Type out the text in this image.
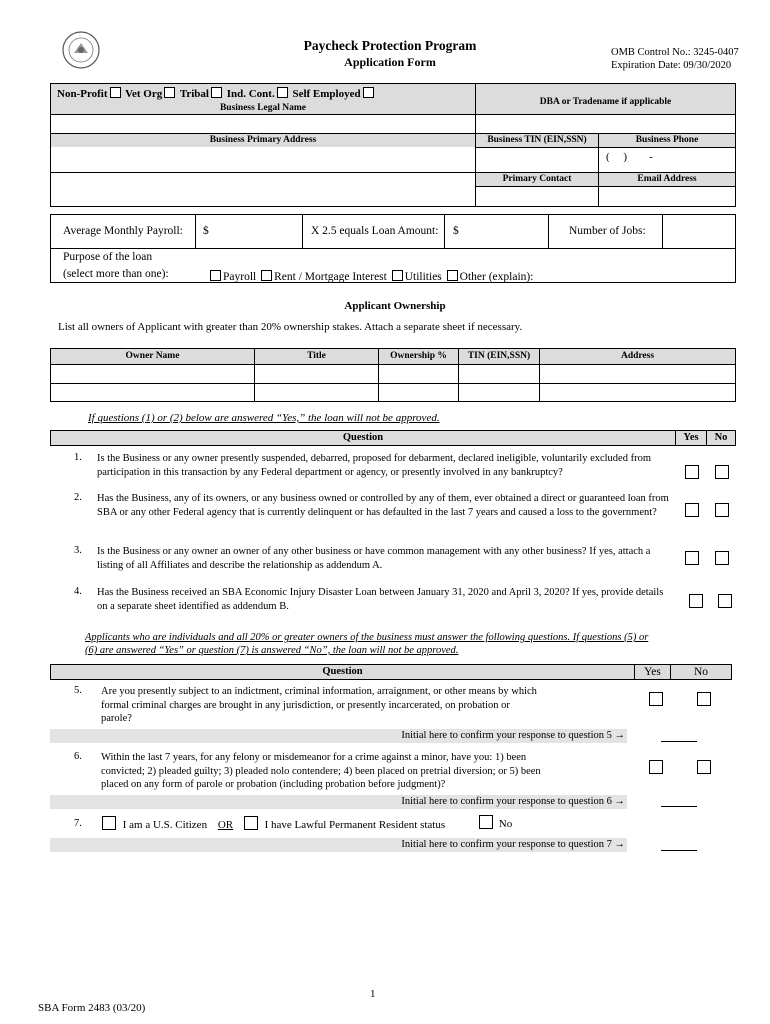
Paycheck Protection Program
Application Form
OMB Control No.: 3245-0407
Expiration Date: 09/30/2020
Non-Profit Vet Org Tribal Ind. Cont. Self Employed
Business Legal Name
DBA or Tradename if applicable
Business Primary Address	Business TIN (EIN,SSN)	Business Phone
(     )        -
Primary Contact	Email Address
Average Monthly Payroll: $	X 2.5 equals Loan Amount: $	Number of Jobs:
Purpose of the loan
(select more than one):	Payroll Rent / Mortgage Interest Utilities Other (explain):
Applicant Ownership
List all owners of Applicant with greater than 20% ownership stakes. Attach a separate sheet if necessary.
Owner Name	Title	Ownership %	TIN (EIN,SSN)	Address
If questions (1) or (2) below are answered “Yes,” the loan will not be approved.
Question	Yes	No
1. Is the Business or any owner presently suspended, debarred, proposed for debarment, declared ineligible, voluntarily excluded from participation in this transaction by any Federal department or agency, or presently involved in any bankruptcy?
2. Has the Business, any of its owners, or any business owned or controlled by any of them, ever obtained a direct or guaranteed loan from SBA or any other Federal agency that is currently delinquent or has defaulted in the last 7 years and caused a loss to the government?
3. Is the Business or any owner an owner of any other business or have common management with any other business? If yes, attach a listing of all Affiliates and describe the relationship as addendum A.
4. Has the Business received an SBA Economic Injury Disaster Loan between January 31, 2020 and April 3, 2020? If yes, provide details on a separate sheet identified as addendum B.
Applicants who are individuals and all 20% or greater owners of the business must answer the following questions. If questions (5) or (6) are answered “Yes” or question (7) is answered “No”, the loan will not be approved.
Question	Yes	No
5. Are you presently subject to an indictment, criminal information, arraignment, or other means by which formal criminal charges are brought in any jurisdiction, or presently incarcerated, on probation or parole?
Initial here to confirm your response to question 5 →
6. Within the last 7 years, for any felony or misdemeanor for a crime against a minor, have you: 1) been convicted; 2) pleaded guilty; 3) pleaded nolo contendere; 4) been placed on pretrial diversion; or 5) been placed on any form of parole or probation (including probation before judgment)?
Initial here to confirm your response to question 6 →
7.	I am a U.S. Citizen OR	I have Lawful Permanent Resident status	No
Initial here to confirm your response to question 7 →
1
SBA Form 2483 (03/20)
